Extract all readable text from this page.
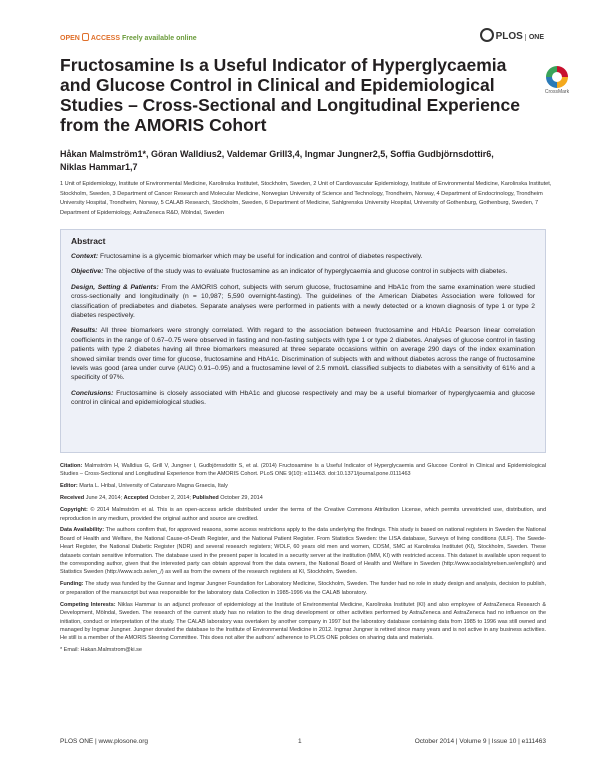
OPEN ACCESS Freely available online	PLOS ONE
CrossMark
Fructosamine Is a Useful Indicator of Hyperglycaemia and Glucose Control in Clinical and Epidemiological Studies – Cross-Sectional and Longitudinal Experience from the AMORIS Cohort
Håkan Malmström1*, Göran Walldius2, Valdemar Grill3,4, Ingmar Jungner2,5, Soffia Gudbjörnsdottir6,
Niklas Hammar1,7
1 Unit of Epidemiology, Institute of Environmental Medicine, Karolinska Institutet, Stockholm, Sweden, 2 Unit of Cardiovascular Epidemiology, Institute of Environmental Medicine, Karolinska Institutet, Stockholm, Sweden, 3 Department of Cancer Research and Molecular Medicine, Norwegian University of Science and Technology, Trondheim, Norway, 4 Department of Endocrinology, Trondheim University Hospital, Trondheim, Norway, 5 CALAB Research, Stockholm, Sweden, 6 Department of Medicine, Sahlgrenska University Hospital, University of Gothenburg, Gothenburg, Sweden, 7 Department of Epidemiology, AstraZeneca R&D, Mölndal, Sweden
Abstract

Context: Fructosamine is a glycemic biomarker which may be useful for indication and control of diabetes respectively.

Objective: The objective of the study was to evaluate fructosamine as an indicator of hyperglycaemia and glucose control in subjects with diabetes.

Design, Setting & Patients: From the AMORIS cohort, subjects with serum glucose, fructosamine and HbA1c from the same examination were studied cross-sectionally and longitudinally (n = 10,987; 5,590 overnight-fasting). The guidelines of the American Diabetes Association were followed for classification of prediabetes and diabetes. Separate analyses were performed in patients with a newly detected or a known diagnosis of type 1 or type 2 diabetes respectively.

Results: All three biomarkers were strongly correlated. With regard to the association between fructosamine and HbA1c Pearson linear correlation coefficients in the range of 0.67–0.75 were observed in fasting and non-fasting subjects with type 1 or type 2 diabetes. Analyses of glucose control in fasting patients with type 2 diabetes having all three biomarkers measured at three separate occasions within on average 290 days of the index examination showed similar trends over time for glucose, fructosamine and HbA1c. Discrimination of subjects with and without diabetes across the range of fructosamine levels was good (area under curve (AUC) 0.91–0.95) and a fructosamine level of 2.5 mmol/L classified subjects to diabetes with a sensitivity of 61% and a specificity of 97%.

Conclusions: Fructosamine is closely associated with HbA1c and glucose respectively and may be a useful biomarker of hyperglycaemia and glucose control in clinical and epidemiological studies.

Citation: Malmström H, Walldius G, Grill V, Jungner I, Gudbjörnsdottir S, et al. (2014) Fructosamine Is a Useful Indicator of Hyperglycaemia and Glucose Control in Clinical and Epidemiological Studies – Cross-Sectional and Longitudinal Experience from the AMORIS Cohort. PLoS ONE 9(10): e111463. doi:10.1371/journal.pone.0111463

Editor: Marta L. Hribal, University of Catanzaro Magna Graecia, Italy

Received June 24, 2014; Accepted October 2, 2014; Published October 29, 2014

Copyright: © 2014 Malmström et al. This is an open-access article distributed under the terms of the Creative Commons Attribution License, which permits unrestricted use, distribution, and reproduction in any medium, provided the original author and source are credited.

Data Availability: The authors confirm that, for approved reasons, some access restrictions apply to the data underlying the findings. This study is based on national registers in Sweden the National Board of Health and Welfare, the National Cause-of-Death Register, and the National Patient Register. From Statistics Sweden: the LISA database, Surveys of living conditions (ULF). The Swede-Heart Register, the National Diabetic Register (NDR) and several research registers; WOLF, 60 years old men and women, COSM, SMC at Karolinska Institutet (KI), Stockholm, Sweden. These datasets contain sensitive information. The database used in the present paper is located in a security server at the institution (IMM, KI) with restricted access. This dataset is available upon request to the corresponding author, given that the interested party can obtain approval from the data owners, the National Board of Health and Welfare in Sweden (http://www.socialstyrelsen.se/english) and Statistics Sweden (http://www.scb.se/en_/) as well as from the owners of the research registers at KI, Stockholm, Sweden.

Funding: The study was funded by the Gunnar and Ingmar Jungner Foundation for Laboratory Medicine, Stockholm, Sweden. The funder had no role in study design and analysis, decision to publish, or preparation of the manuscript but was responsible for the laboratory data Collection in 1985-1996 via the CALAB laboratory.

Competing Interests: Niklas Hammar is an adjunct professor of epidemiology at the Institute of Environmental Medicine, Karolinska Institutet (KI) and also employee of AstraZeneca Research & Development, Mölndal, Sweden. The research of the current study has no relation to the drug development or other activities performed by AstraZeneca and AstraZeneca had no influence on the initiation, conduct or interpretation of the study. The CALAB laboratory was overtaken by another company in 1997 but the laboratory database containing data from 1985 to 1996 was still owned and managed by Ingmar Jungner. Jungner donated the database to the Institute of Environmental Medicine in 2012. Ingmar Jungner is retired since many years and is not active in any business activities. He still is a member of the AMORIS Steering Committee. This does not alter the authors' adherence to PLOS ONE policies on sharing data and materials.

* Email: Hakan.Malmstrom@ki.se

PLOS ONE | www.plosone.org	1	October 2014 | Volume 9 | Issue 10 | e111463
